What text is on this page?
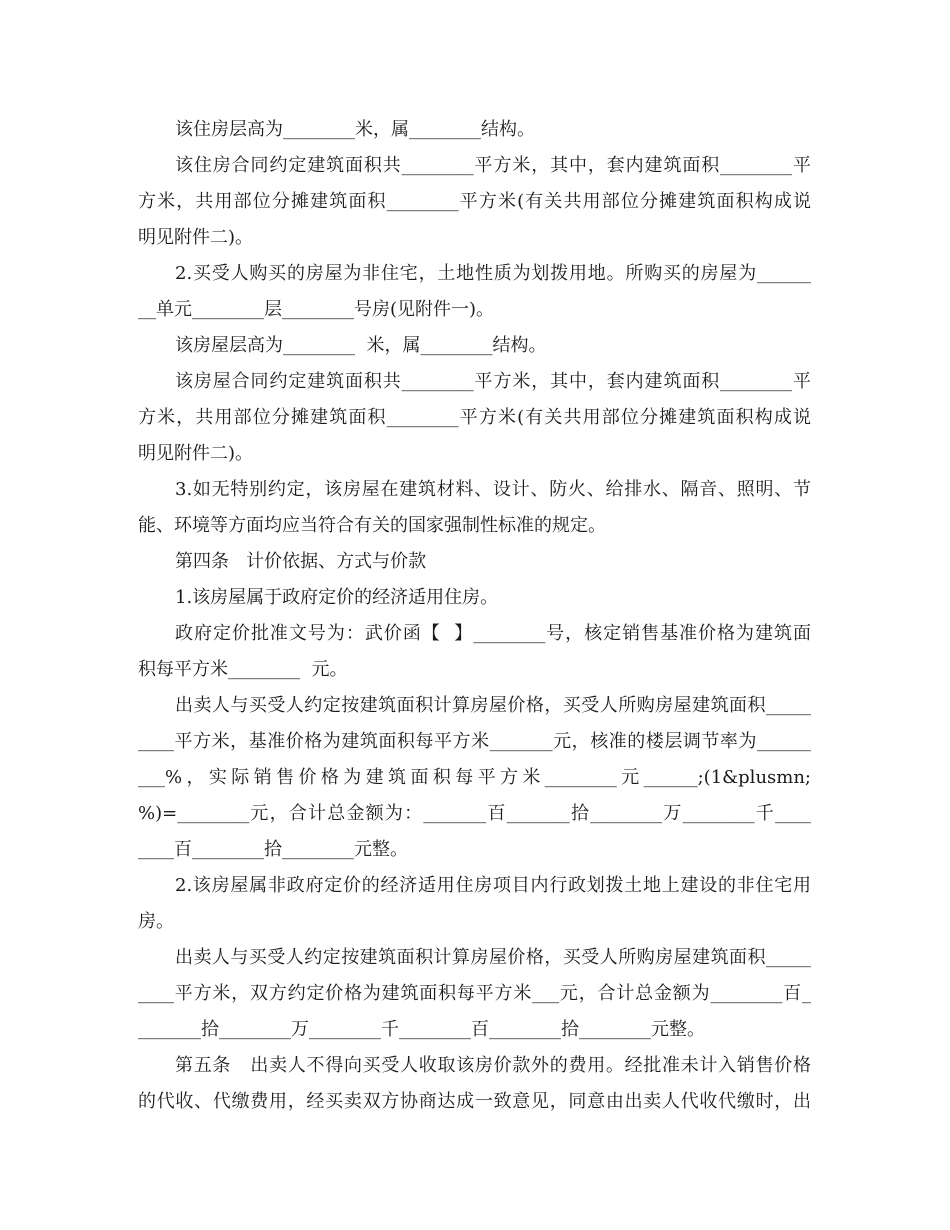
该住房层高为________米，属________结构。
该住房合同约定建筑面积共________平方米，其中，套内建筑面积________平
方米，共用部位分摊建筑面积________平方米(有关共用部位分摊建筑面积构成说
明见附件二)。
2.买受人购买的房屋为非住宅，土地性质为划拨用地。所购买的房屋为______
__单元________层________号房(见附件一)。
该房屋层高为________  米，属________结构。
该房屋合同约定建筑面积共________平方米，其中，套内建筑面积________平
方米，共用部位分摊建筑面积________平方米(有关共用部位分摊建筑面积构成说
明见附件二)。
3.如无特别约定，该房屋在建筑材料、设计、防火、给排水、隔音、照明、节
能、环境等方面均应当符合有关的国家强制性标准的规定。
第四条   计价依据、方式与价款
1.该房屋属于政府定价的经济适用住房。
政府定价批准文号为：武价函【  】________号，核定销售基准价格为建筑面
积每平方米________  元。
出卖人与买受人约定按建筑面积计算房屋价格，买受人所购房屋建筑面积_____
____平方米，基准价格为建筑面积每平方米_______元，核准的楼层调节率为______
___%，实际销售价格为建筑面积每平方米________元______;(1&plusmn;
%)=________元，合计总金额为：_______百_______拾________万________千____
____百________拾________元整。
2.该房屋属非政府定价的经济适用住房项目内行政划拨土地上建设的非住宅用
房。
出卖人与买受人约定按建筑面积计算房屋价格，买受人所购房屋建筑面积_____
____平方米，双方约定价格为建筑面积每平方米___元，合计总金额为________百_
_______拾________万________千________百________拾________元整。
第五条   出卖人不得向买受人收取该房价款外的费用。经批准未计入销售价格
的代收、代缴费用，经买卖双方协商达成一致意见，同意由出卖人代收代缴时，出
